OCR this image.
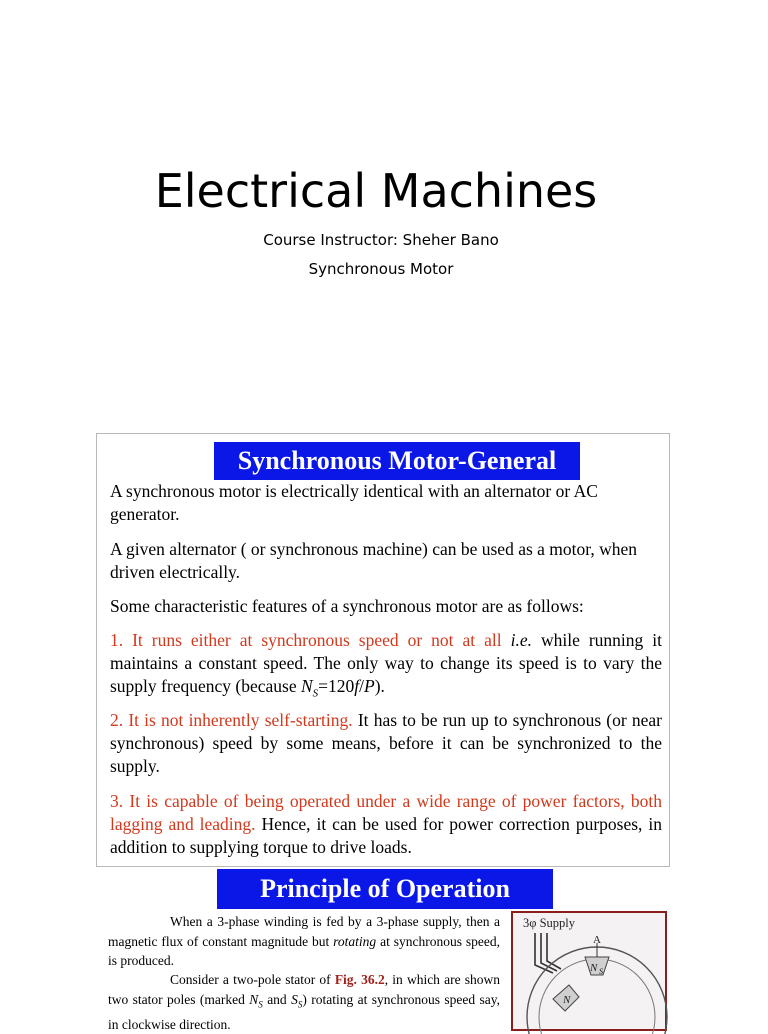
Electrical Machines
Course Instructor: Sheher Bano
Synchronous Motor
Synchronous Motor-General

A synchronous motor is electrically identical with an alternator or AC generator.

A given alternator ( or synchronous machine) can be used as a motor, when driven electrically.

Some characteristic features of a synchronous motor are as follows:

1. It runs either at synchronous speed or not at all i.e. while running it maintains a constant speed. The only way to change its speed is to vary the supply frequency (because $N_S=120f/P$).

2. It is not inherently self-starting. It has to be run up to synchronous (or near synchronous) speed by some means, before it can be synchronized to the supply.

3. It is capable of being operated under a wide range of power factors, both lagging and leading. Hence, it can be used for power correction purposes, in addition to supplying torque to drive loads.

Principle of Operation

When a 3-phase winding is fed by a 3-phase supply, then a magnetic flux of constant magnitude but rotating at synchronous speed, is produced.

Consider a two-pole stator of Fig. 36.2, in which are shown two stator poles (marked $N_S$ and $S_S$) rotating at synchronous speed say, in clockwise direction.

3φ Supply
A
N S
N
